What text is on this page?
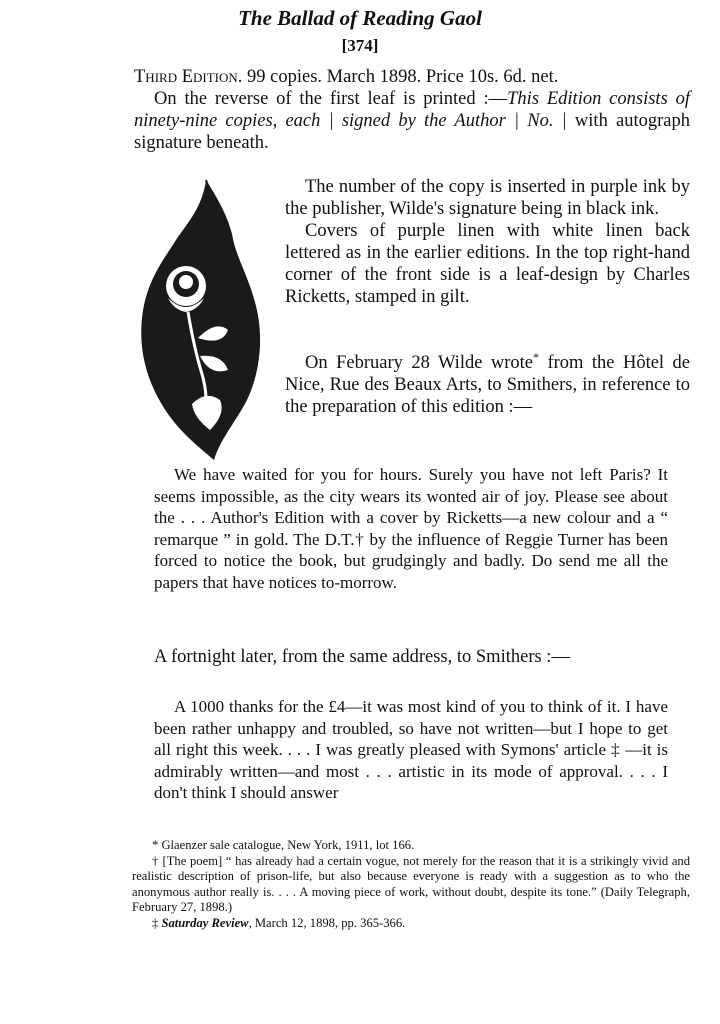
The Ballad of Reading Gaol
[374]
Third Edition. 99 copies. March 1898. Price 10s. 6d. net.
On the reverse of the first leaf is printed :—This Edition consists of ninety-nine copies, each | signed by the Author | No. | with autograph signature beneath.
The number of the copy is inserted in purple ink by the publisher, Wilde's signature being in black ink.
Covers of purple linen with white linen back lettered as in the earlier editions. In the top right-hand corner of the front side is a leaf-design by Charles Ricketts, stamped in gilt.
On February 28 Wilde wrote* from the Hôtel de Nice, Rue des Beaux Arts, to Smithers, in reference to the preparation of this edition :—
We have waited for you for hours. Surely you have not left Paris? It seems impossible, as the city wears its wonted air of joy. Please see about the . . . Author's Edition with a cover by Ricketts—a new colour and a “ remarque ” in gold. The D.T.† by the influence of Reggie Turner has been forced to notice the book, but grudgingly and badly. Do send me all the papers that have notices to-morrow.
A fortnight later, from the same address, to Smithers :—
A 1000 thanks for the £4—it was most kind of you to think of it. I have been rather unhappy and troubled, so have not written—but I hope to get all right this week. . . . I was greatly pleased with Symons' article ‡ —it is admirably written—and most . . . artistic in its mode of approval. . . . I don't think I should answer
* Glaenzer sale catalogue, New York, 1911, lot 166.
† [The poem] “ has already had a certain vogue, not merely for the reason that it is a strikingly vivid and realistic description of prison-life, but also because everyone is ready with a suggestion as to who the anonymous author really is. . . . A moving piece of work, without doubt, despite its tone.” (Daily Telegraph, February 27, 1898.)
‡ Saturday Review, March 12, 1898, pp. 365-366.
